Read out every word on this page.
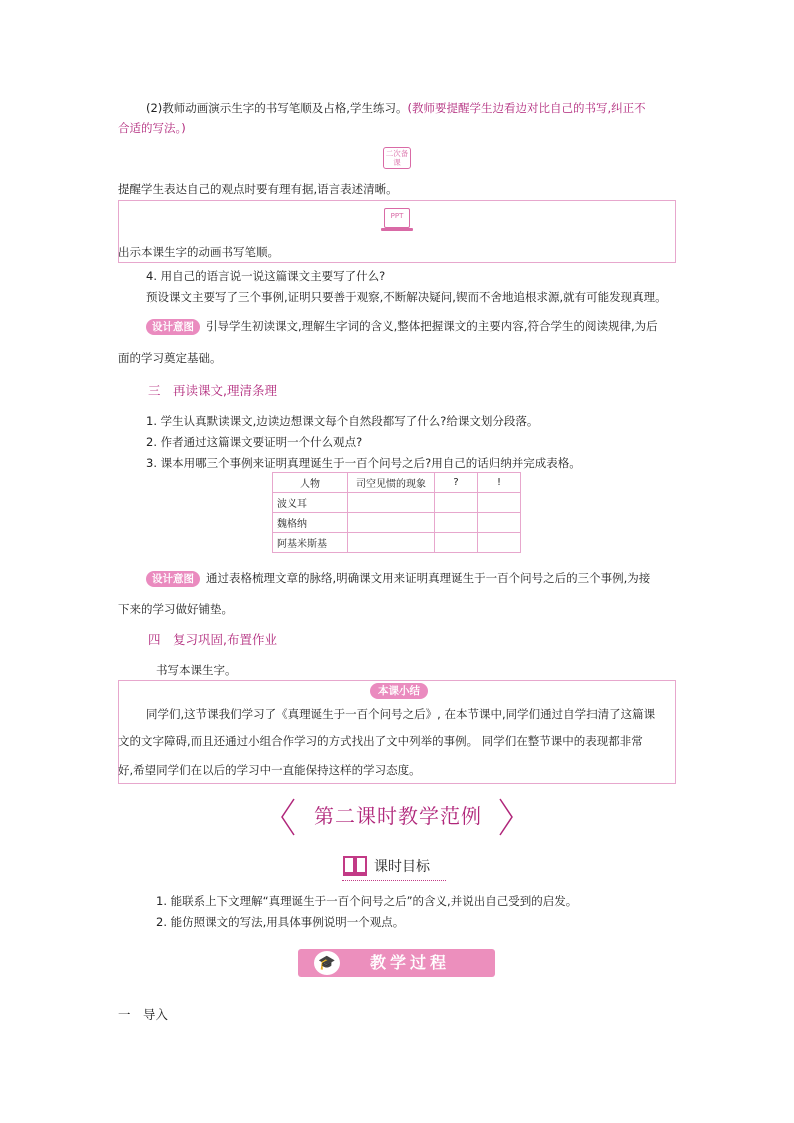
(2)教师动画演示生字的书写笔顺及占格,学生练习。(教师要提醒学生边看边对比自己的书写,纠正不
合适的写法。)
二次备课
提醒学生表达自己的观点时要有理有据,语言表述清晰。
PPT
出示本课生字的动画书写笔顺。
4. 用自己的语言说一说这篇课文主要写了什么?
预设课文主要写了三个事例,证明只要善于观察,不断解决疑问,锲而不舍地追根求源,就有可能发现真理。
设计意图 引导学生初读课文,理解生字词的含义,整体把握课文的主要内容,符合学生的阅读规律,为后
面的学习奠定基础。
三　再读课文,理清条理
1. 学生认真默读课文,边读边想课文每个自然段都写了什么?给课文划分段落。
2. 作者通过这篇课文要证明一个什么观点?
3. 课本用哪三个事例来证明真理诞生于一百个问号之后?用自己的话归纳并完成表格。
人物	司空见惯的现象	?	!
波义耳			
魏格纳			
阿基米斯基			
设计意图 通过表格梳理文章的脉络,明确课文用来证明真理诞生于一百个问号之后的三个事例,为接
下来的学习做好铺垫。
四　复习巩固,布置作业
书写本课生字。
本课小结
同学们,这节课我们学习了《真理诞生于一百个问号之后》, 在本节课中,同学们通过自学扫清了这篇课
文的文字障碍,而且还通过小组合作学习的方式找出了文中列举的事例。 同学们在整节课中的表现都非常
好,希望同学们在以后的学习中一直能保持这样的学习态度。
第二课时教学范例
课时目标
1. 能联系上下文理解“真理诞生于一百个问号之后”的含义,并说出自己受到的启发。
2. 能仿照课文的写法,用具体事例说明一个观点。
🎓	教学过程
一　导入
